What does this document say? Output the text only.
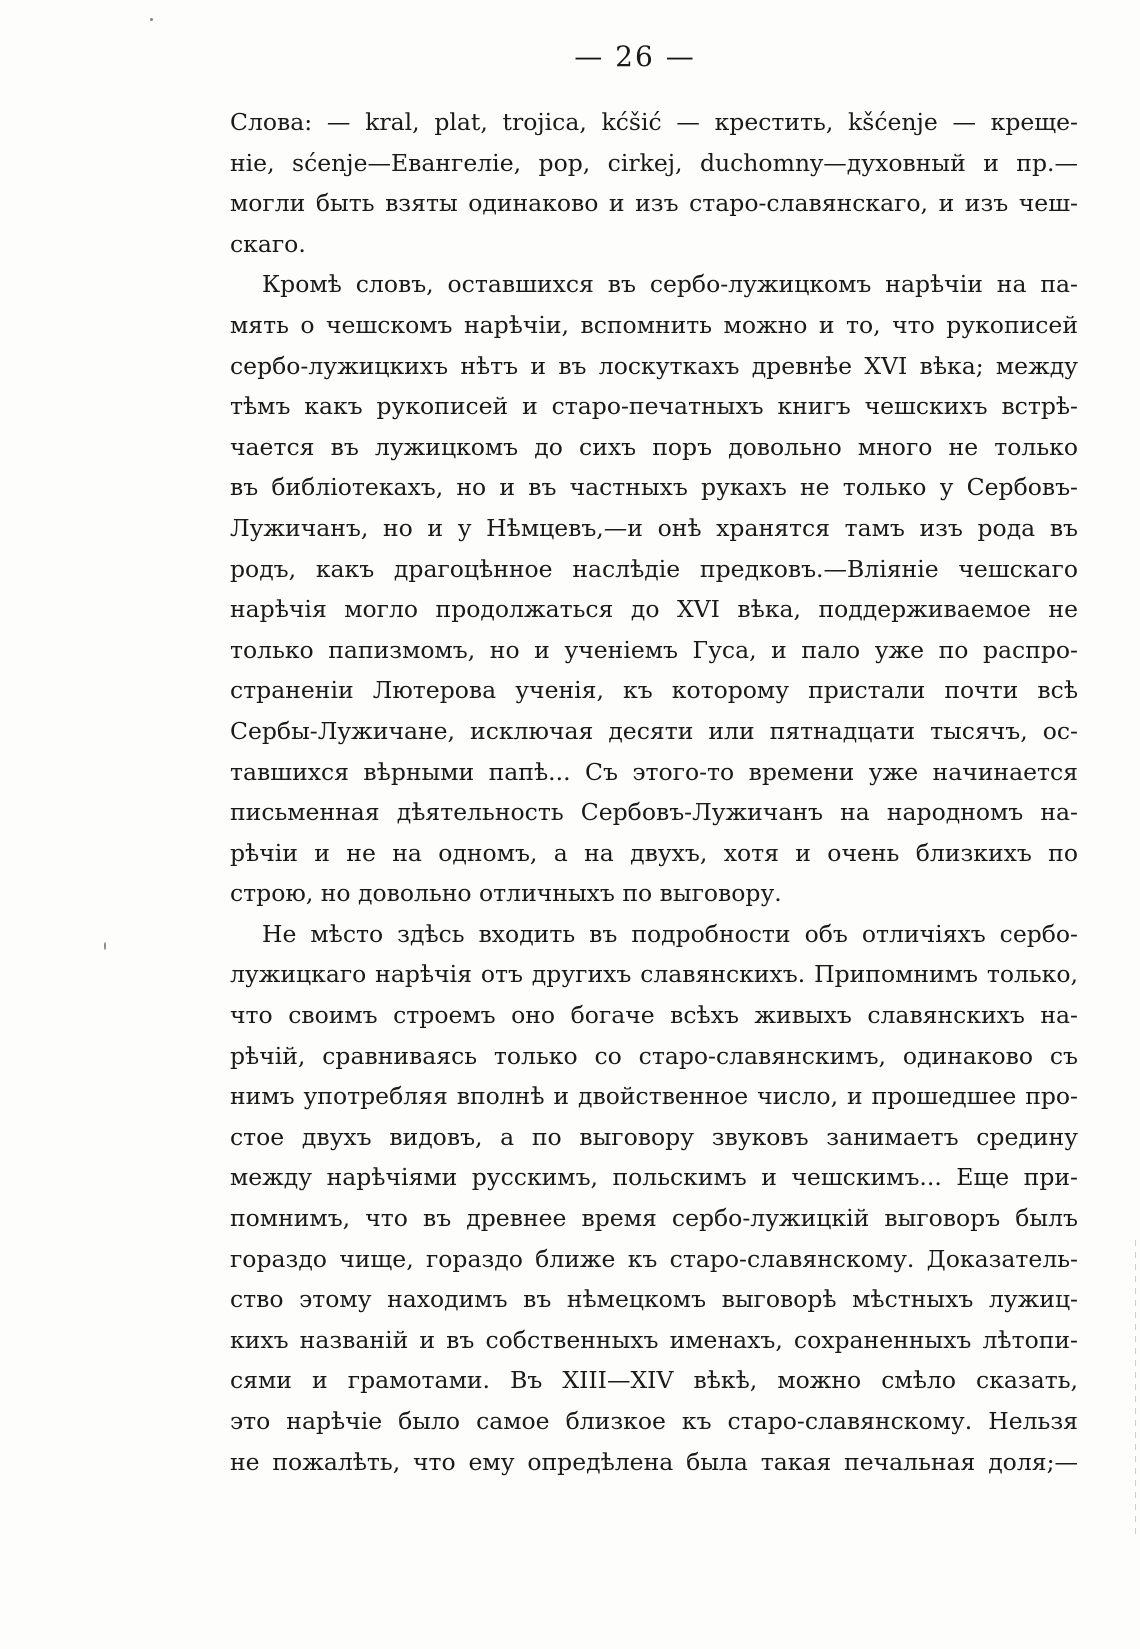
— 26 —

Слова: — kral, plat, trojica, kćšić — крестить, kšćenje — крещe-
ніе, sćenje—Евангеліе, pop, cirkej, duchomny—духовный и пр.—
могли быть взяты одинаково и изъ старо-славянскаго, и изъ чеш-
скаго.

Кромѣ словъ, оставшихся въ сербо-лужицкомъ нарѣчіи на па-
мять о чешскомъ нарѣчіи, вспомнить можно и то, что рукописей
сербо-лужицкихъ нѣтъ и въ лоскуткахъ древнѣе XVI вѣка; между
тѣмъ какъ рукописей и старо-печатныхъ книгъ чешскихъ встрѣ-
чается въ лужицкомъ до сихъ поръ довольно много не только
въ библіотекахъ, но и въ частныхъ рукахъ не только у Сербовъ-
Лужичанъ, но и у Нѣмцевъ,—и онѣ хранятся тамъ изъ рода въ
родъ, какъ драгоцѣнное наслѣдіе предковъ.—Вліяніе чешскаго
нарѣчія могло продолжаться до XVI вѣка, поддерживаемое не
только папизмомъ, но и ученіемъ Гуса, и пало уже по распро-
страненіи Лютерова ученія, къ которому пристали почти всѣ
Сербы-Лужичане, исключая десяти или пятнадцати тысячъ, ос-
тавшихся вѣрными папѣ... Съ этого-то времени уже начинается
письменная дѣятельность Сербовъ-Лужичанъ на народномъ на-
рѣчіи и не на одномъ, а на двухъ, хотя и очень близкихъ по
строю, но довольно отличныхъ по выговору.

Не мѣсто здѣсь входить въ подробности объ отличіяхъ сербо-
лужицкаго нарѣчія отъ другихъ славянскихъ. Припомнимъ только,
что своимъ строемъ оно богаче всѣхъ живыхъ славянскихъ на-
рѣчій, сравниваясь только со старо-славянскимъ, одинаково съ
нимъ употребляя вполнѣ и двойственное число, и прошедшее про-
стое двухъ видовъ, а по выговору звуковъ занимаетъ средину
между нарѣчіями русскимъ, польскимъ и чешскимъ... Еще при-
помнимъ, что въ древнее время сербо-лужицкій выговоръ былъ
гораздо чище, гораздо ближе къ старо-славянскому. Доказатель-
ство этому находимъ въ нѣмецкомъ выговорѣ мѣстныхъ лужиц-
кихъ названій и въ собственныхъ именахъ, сохраненныхъ лѣтопи-
сями и грамотами. Въ XIII—XIV вѣкѣ, можно смѣло сказать,
это нарѣчіе было самое близкое къ старо-славянскому. Нельзя
не пожалѣть, что ему опредѣлена была такая печальная доля;—
